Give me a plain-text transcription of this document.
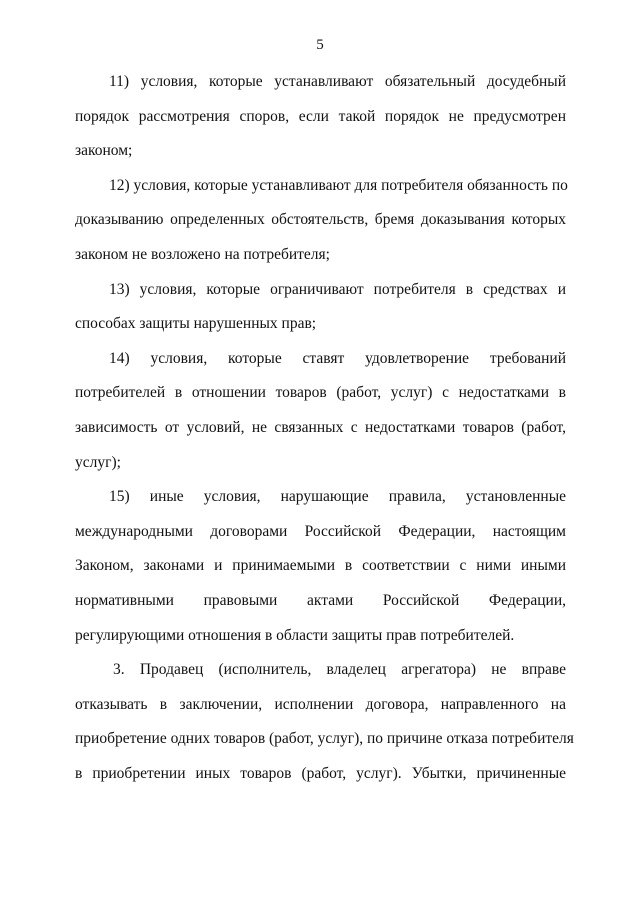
5

11) условия, которые устанавливают обязательный досудебный
порядок рассмотрения споров, если такой порядок не предусмотрен
законом;

12) условия, которые устанавливают для потребителя обязанность по
доказыванию определенных обстоятельств, бремя доказывания которых
законом не возложено на потребителя;

13) условия, которые ограничивают потребителя в средствах и
способах защиты нарушенных прав;

14) условия, которые ставят удовлетворение требований
потребителей в отношении товаров (работ, услуг) с недостатками в
зависимость от условий, не связанных с недостатками товаров (работ,
услуг);

15) иные условия, нарушающие правила, установленные
международными договорами Российской Федерации, настоящим
Законом, законами и принимаемыми в соответствии с ними иными
нормативными правовыми актами Российской Федерации,
регулирующими отношения в области защиты прав потребителей.

3. Продавец (исполнитель, владелец агрегатора) не вправе
отказывать в заключении, исполнении договора, направленного на
приобретение одних товаров (работ, услуг), по причине отказа потребителя
в приобретении иных товаров (работ, услуг). Убытки, причиненные
